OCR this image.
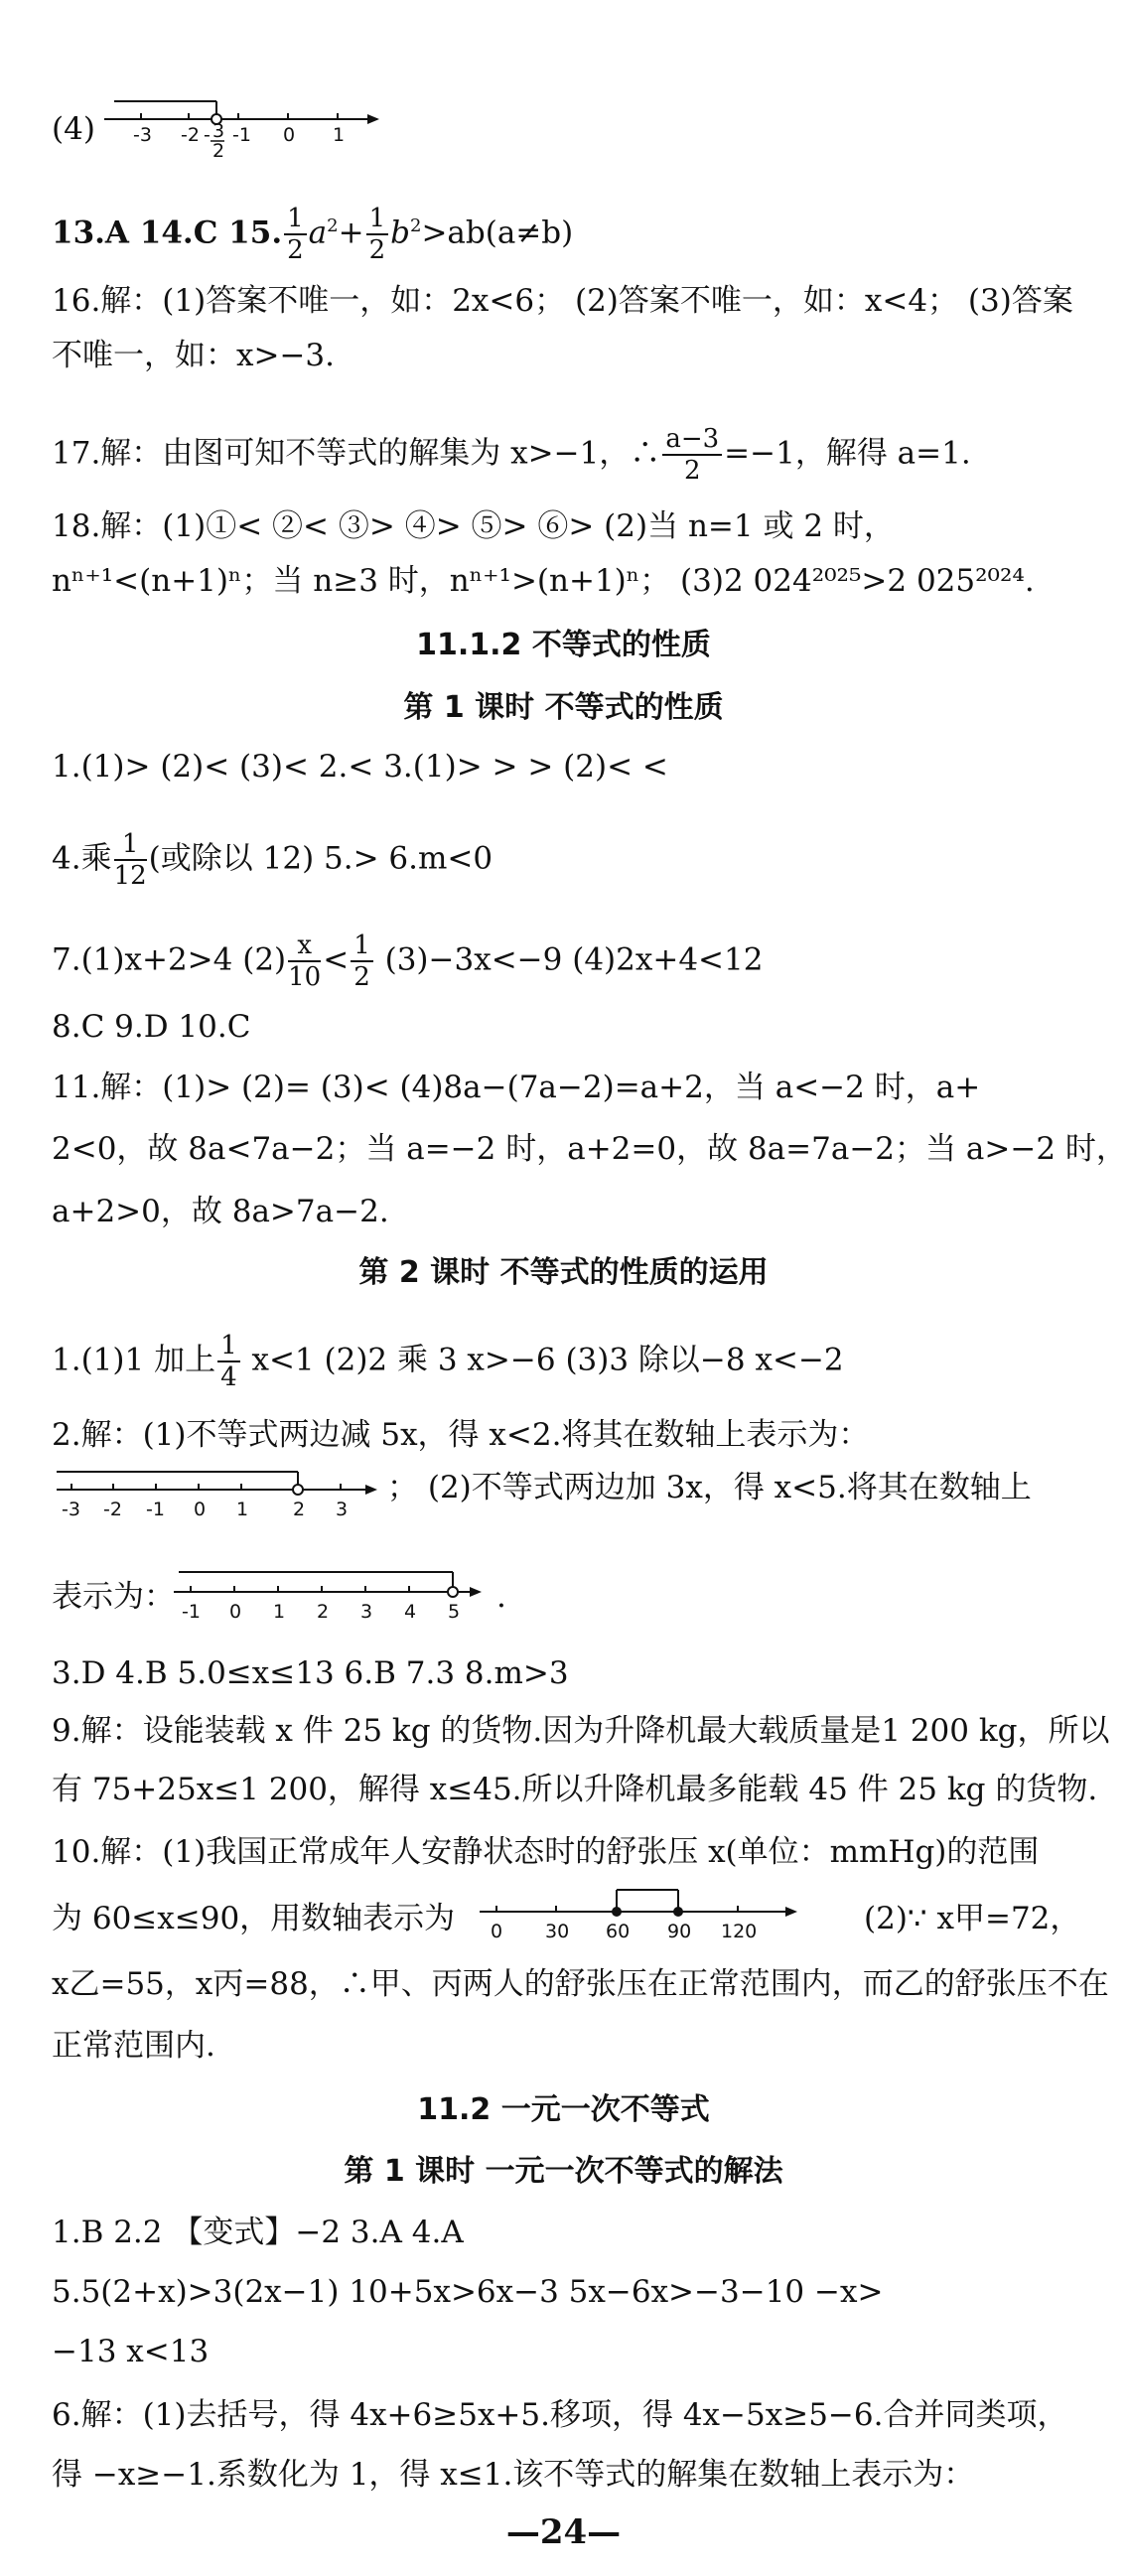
(4)	-3 -2 -1 0 1
- 3
2
13.A 14.C 15. $\frac{1}{2} a^2+ \frac{1}{2} b^2>ab(a\ne b)$
16.解：(1)答案不唯一，如：2x<6； (2)答案不唯一，如：x<4； (3)答案
不唯一，如：x>−3.
17.解：由图可知不等式的解集为 x>−1，∴ $\frac{a-3}{2} =-1$，解得 a=1.
18.解：(1)①< ②< ③> ④> ⑤> ⑥> (2)当 n=1 或 2 时，
nⁿ⁺¹<(n+1)ⁿ；当 n≥3 时，nⁿ⁺¹>(n+1)ⁿ； (3)2 024²⁰²⁵>2 025²⁰²⁴.
11.1.2 不等式的性质
第 1 课时 不等式的性质
1.(1)> (2)< (3)< 2.< 3.(1)> > > (2)< <
4.乘 $\frac{1}{12}$ (或除以 12) 5.> 6.m<0
7.(1)x+2>4 $(2) \frac{x}{10} < \frac{1}{2} (3)-3x<-9$ (4)2x+4<12
8.C 9.D 10.C
11.解：(1)> (2)= (3)< (4)8a−(7a−2)=a+2，当 a<−2 时，a+
2<0，故 8a<7a−2；当 a=−2 时，a+2=0，故 8a=7a−2；当 a>−2 时，
a+2>0，故 8a>7a−2.
第 2 课时 不等式的性质的运用
1.(1)1 加上 $\frac{1}{4} x<1$ (2)2 乘 3 x>−6 (3)3 除以−8 x<−2
2.解：(1)不等式两边减 5x，得 x<2.将其在数轴上表示为：
-3 -2 -1 0 1 2 3
； (2)不等式两边加 3x，得 x<5.将其在数轴上
表示为： -1 0 1 2 3 4 5 .
3.D 4.B 5.0≤x≤13 6.B 7.3 8.m>3
9.解：设能装载 x 件 25 kg 的货物.因为升降机最大载质量是1 200 kg，所以
有 75+25x≤1 200，解得 x≤45.所以升降机最多能载 45 件 25 kg 的货物.
10.解：(1)我国正常成年人安静状态时的舒张压 x(单位：mmHg)的范围
为 60≤x≤90，用数轴表示为	0 30 60 90 120	(2)∵ x甲=72，
x乙=55，x丙=88，∴甲、丙两人的舒张压在正常范围内，而乙的舒张压不在
正常范围内.
11.2 一元一次不等式
第 1 课时 一元一次不等式的解法
1.B 2.2 【变式】−2 3.A 4.A
5.5(2+x)>3(2x−1) 10+5x>6x−3 5x−6x>−3−10 −x>
−13 x<13
6.解：(1)去括号，得 4x+6≥5x+5.移项，得 4x−5x≥5−6.合并同类项，
得 −x≥−1.系数化为 1，得 x≤1.该不等式的解集在数轴上表示为：
—24—
